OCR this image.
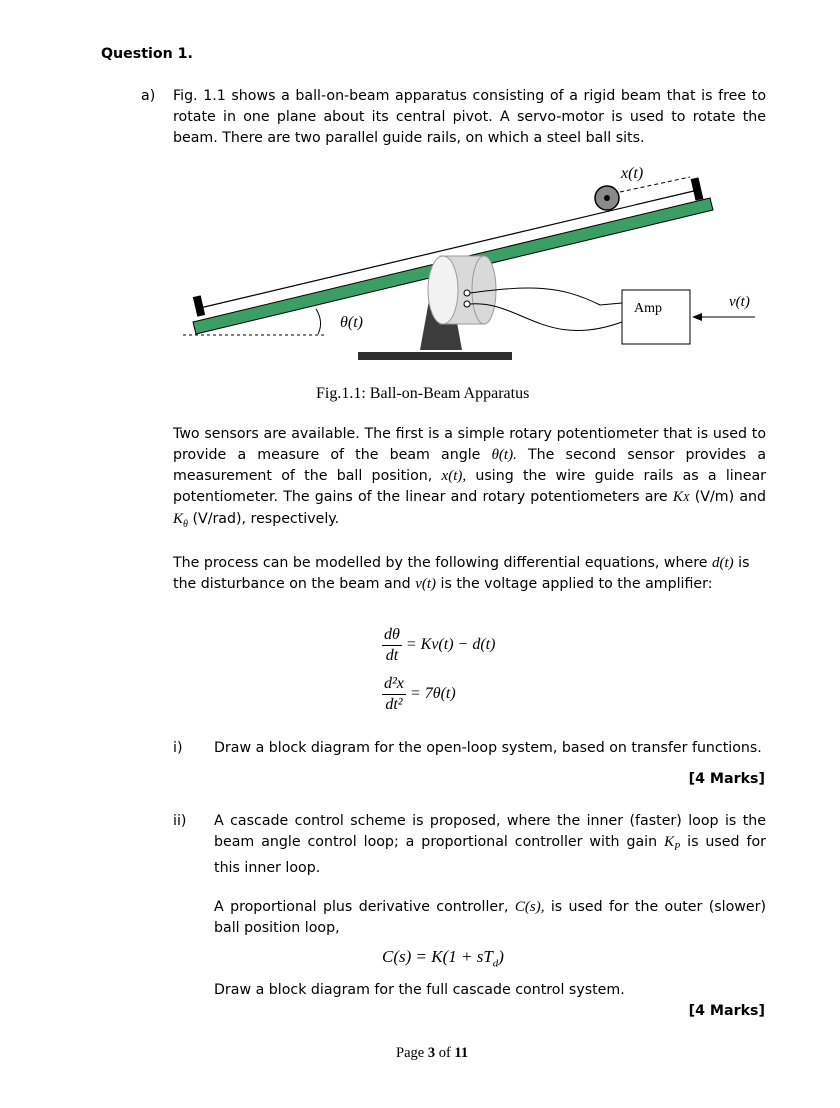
Question 1.
a) Fig. 1.1 shows a ball-on-beam apparatus consisting of a rigid beam that is free to rotate in one plane about its central pivot. A servo-motor is used to rotate the beam. There are two parallel guide rails, on which a steel ball sits.
x(t)
θ(t)
Amp	v(t)
Fig.1.1: Ball-on-Beam Apparatus
Two sensors are available. The first is a simple rotary potentiometer that is used to provide a measure of the beam angle θ(t). The second sensor provides a measurement of the ball position, x(t), using the wire guide rails as a linear potentiometer. The gains of the linear and rotary potentiometers are KX (V/m) and $K_\theta$ (V/rad), respectively.
The process can be modelled by the following differential equations, where d(t) is the disturbance on the beam and v(t) is the voltage applied to the amplifier:
$\frac{d\theta}{dt} = Kv(t) - d(t)$
$\frac{\text{d²x}}{\text{dt²}} = 7\theta(t)$
i) Draw a block diagram for the open-loop system, based on transfer functions.
[4 Marks]
ii) A cascade control scheme is proposed, where the inner (faster) loop is the beam angle control loop; a proportional controller with gain $K_P$ is used for this inner loop.
A proportional plus derivative controller, C(s), is used for the outer (slower) ball position loop,
$C(s) = K(1 + sT_d)$
Draw a block diagram for the full cascade control system.
[4 Marks]
Page 3 of 11
